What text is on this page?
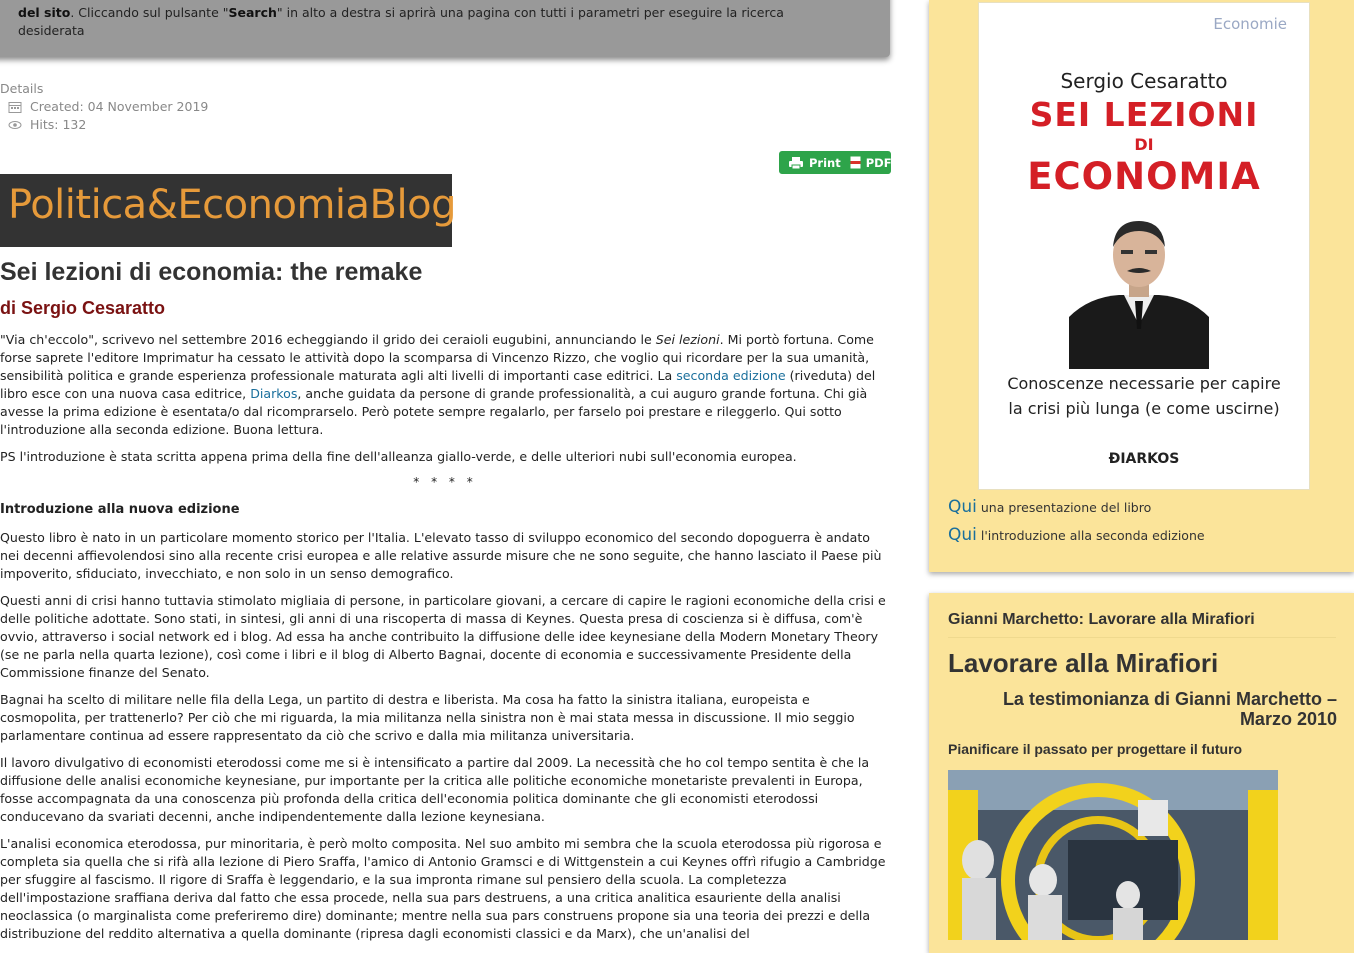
del sito. Cliccando sul pulsante "Search" in alto a destra si aprirà una pagina con tutti i parametri per eseguire la ricerca
desiderata

Details
Created: 04 November 2019
Hits: 132
Print PDF
Politica&EconomiaBlog
Sei lezioni di economia: the remake
di Sergio Cesaratto

"Via ch'eccolo", scrivevo nel settembre 2016 echeggiando il grido dei ceraioli eugubini, annunciando le Sei lezioni. Mi portò fortuna. Come forse saprete l'editore Imprimatur ha cessato le attività dopo la scomparsa di Vincenzo Rizzo, che voglio qui ricordare per la sua umanità, sensibilità politica e grande esperienza professionale maturata agli alti livelli di importanti case editrici. La seconda edizione (riveduta) del libro esce con una nuova casa editrice, Diarkos, anche guidata da persone di grande professionalità, a cui auguro grande fortuna. Chi già avesse la prima edizione è esentata/o dal ricomprarselo. Però potete sempre regalarlo, per farselo poi prestare e rileggerlo. Qui sotto l'introduzione alla seconda edizione. Buona lettura.

PS l'introduzione è stata scritta appena prima della fine dell'alleanza giallo-verde, e delle ulteriori nubi sull'economia europea.

* * * *
Introduzione alla nuova edizione

Questo libro è nato in un particolare momento storico per l'Italia. L'elevato tasso di sviluppo economico del secondo dopoguerra è andato nei decenni affievolendosi sino alla recente crisi europea e alle relative assurde misure che ne sono seguite, che hanno lasciato il Paese più impoverito, sfiduciato, invecchiato, e non solo in un senso demografico.

Questi anni di crisi hanno tuttavia stimolato migliaia di persone, in particolare giovani, a cercare di capire le ragioni economiche della crisi e delle politiche adottate. Sono stati, in sintesi, gli anni di una riscoperta di massa di Keynes. Questa presa di coscienza si è diffusa, com'è ovvio, attraverso i social network ed i blog. Ad essa ha anche contribuito la diffusione delle idee keynesiane della Modern Monetary Theory (se ne parla nella quarta lezione), così come i libri e il blog di Alberto Bagnai, docente di economia e successivamente Presidente della Commissione finanze del Senato.

Bagnai ha scelto di militare nelle fila della Lega, un partito di destra e liberista. Ma cosa ha fatto la sinistra italiana, europeista e cosmopolita, per trattenerlo? Per ciò che mi riguarda, la mia militanza nella sinistra non è mai stata messa in discussione. Il mio seggio parlamentare continua ad essere rappresentato da ciò che scrivo e dalla mia militanza universitaria.

Il lavoro divulgativo di economisti eterodossi come me si è intensificato a partire dal 2009. La necessità che ho col tempo sentita è che la diffusione delle analisi economiche keynesiane, pur importante per la critica alle politiche economiche monetariste prevalenti in Europa, fosse accompagnata da una conoscenza più profonda della critica dell'economia politica dominante che gli economisti eterodossi conducevano da svariati decenni, anche indipendentemente dalla lezione keynesiana.

L'analisi economica eterodossa, pur minoritaria, è però molto composita. Nel suo ambito mi sembra che la scuola eterodossa più rigorosa e completa sia quella che si rifà alla lezione di Piero Sraffa, l'amico di Antonio Gramsci e di Wittgenstein a cui Keynes offrì rifugio a Cambridge per sfuggire al fascismo. Il rigore di Sraffa è leggendario, e la sua impronta rimane sul pensiero della scuola. La completezza dell'impostazione sraffiana deriva dal fatto che essa procede, nella sua pars destruens, a una critica analitica esauriente della analisi neoclassica (o marginalista come preferiremo dire) dominante; mentre nella sua pars construens propone sia una teoria dei prezzi e della distribuzione del reddito alternativa a quella dominante (ripresa dagli economisti classici e da Marx), che un'analisi del

Economie
Sergio Cesaratto
SEI LEZIONI
DI
ECONOMIA
Conoscenze necessarie per capire
la crisi più lunga (e come uscirne)
ÐIARKOS
Qui una presentazione del libro
Qui l'introduzione alla seconda edizione
Gianni Marchetto: Lavorare alla Mirafiori
Lavorare alla Mirafiori
La testimonianza di Gianni Marchetto – Marzo 2010
Pianificare il passato per progettare il futuro
